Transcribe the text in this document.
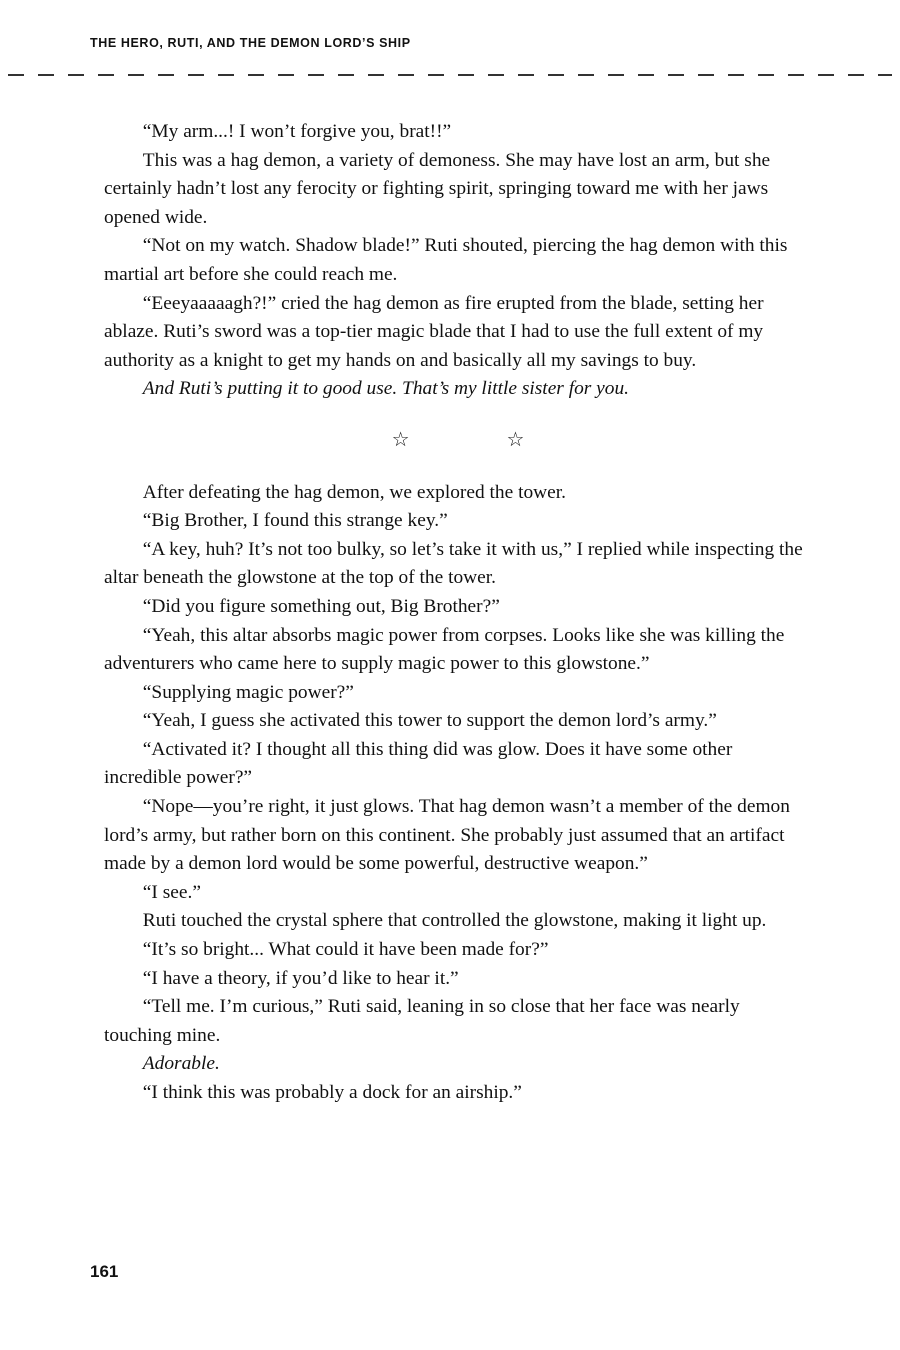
THE HERO, RUTI, AND THE DEMON LORD’S SHIP

“My arm...! I won’t forgive you, brat!!”

This was a hag demon, a variety of demoness. She may have lost an arm, but she certainly hadn’t lost any ferocity or fighting spirit, springing toward me with her jaws opened wide.

“Not on my watch. Shadow blade!” Ruti shouted, piercing the hag demon with this martial art before she could reach me.

“Eeeyaaaaagh?!” cried the hag demon as fire erupted from the blade, setting her ablaze. Ruti’s sword was a top-tier magic blade that I had to use the full extent of my authority as a knight to get my hands on and basically all my savings to buy.

And Ruti’s putting it to good use. That’s my little sister for you.

☆ ☆

After defeating the hag demon, we explored the tower.

“Big Brother, I found this strange key.”

“A key, huh? It’s not too bulky, so let’s take it with us,” I replied while inspecting the altar beneath the glowstone at the top of the tower.

“Did you figure something out, Big Brother?”

“Yeah, this altar absorbs magic power from corpses. Looks like she was killing the adventurers who came here to supply magic power to this glowstone.”

“Supplying magic power?”

“Yeah, I guess she activated this tower to support the demon lord’s army.”

“Activated it? I thought all this thing did was glow. Does it have some other incredible power?”

“Nope—you’re right, it just glows. That hag demon wasn’t a member of the demon lord’s army, but rather born on this continent. She probably just assumed that an artifact made by a demon lord would be some powerful, destructive weapon.”

“I see.”

Ruti touched the crystal sphere that controlled the glowstone, making it light up.

“It’s so bright... What could it have been made for?”

“I have a theory, if you’d like to hear it.”

“Tell me. I’m curious,” Ruti said, leaning in so close that her face was nearly touching mine.

Adorable.

“I think this was probably a dock for an airship.”

161
